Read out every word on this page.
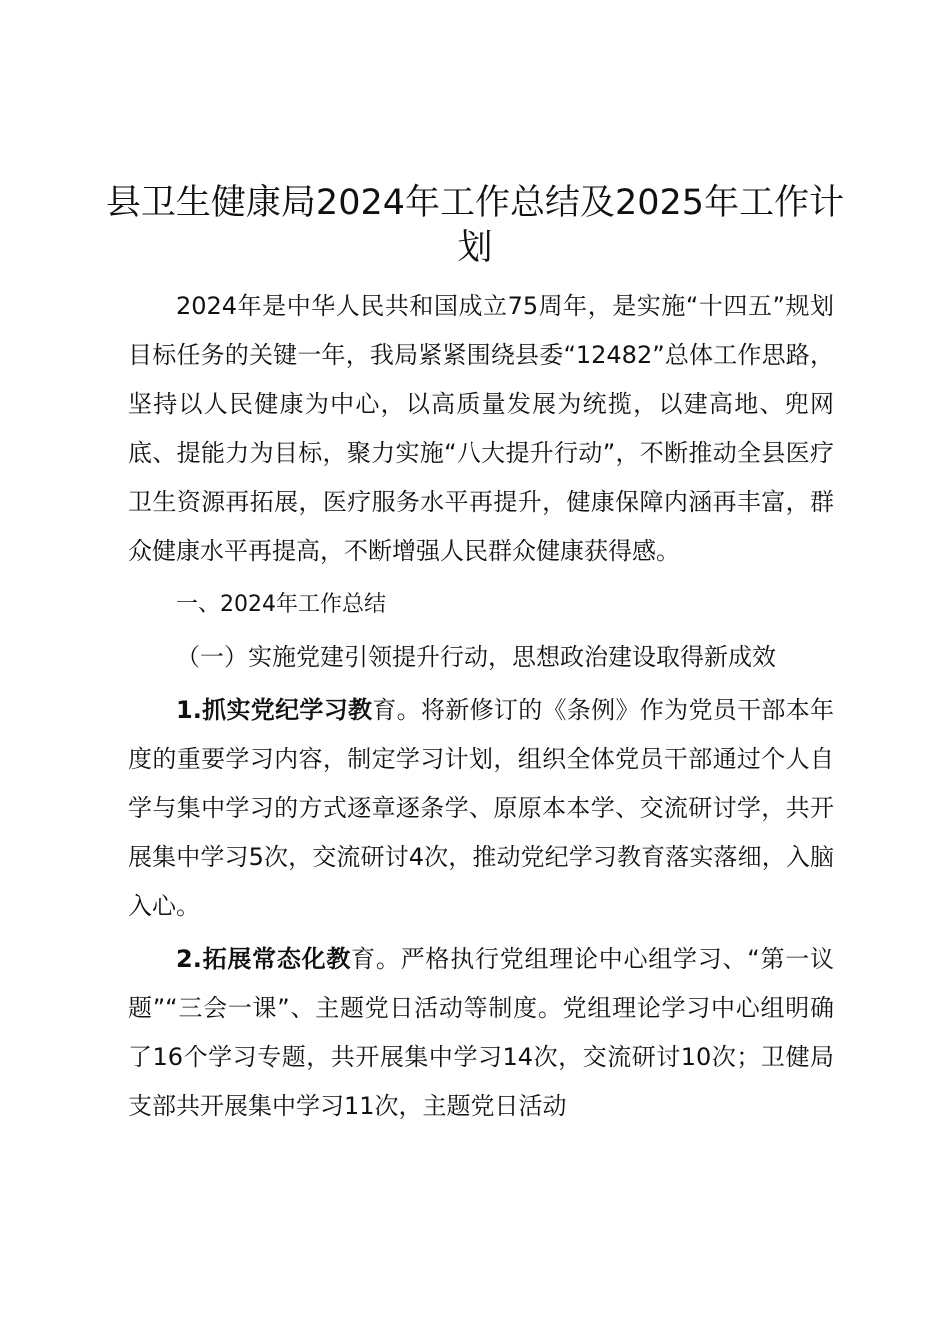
县卫生健康局2024年工作总结及2025年工作计划

2024年是中华人民共和国成立75周年，是实施“十四五”规划目标任务的关键一年，我局紧紧围绕县委“12482”总体工作思路，坚持以人民健康为中心，以高质量发展为统揽，以建高地、兜网底、提能力为目标，聚力实施“八大提升行动”，不断推动全县医疗卫生资源再拓展，医疗服务水平再提升，健康保障内涵再丰富，群众健康水平再提高，不断增强人民群众健康获得感。

一、2024年工作总结

（一）实施党建引领提升行动，思想政治建设取得新成效

1.抓实党纪学习教育。将新修订的《条例》作为党员干部本年度的重要学习内容，制定学习计划，组织全体党员干部通过个人自学与集中学习的方式逐章逐条学、原原本本学、交流研讨学，共开展集中学习5次，交流研讨4次，推动党纪学习教育落实落细，入脑入心。

2.拓展常态化教育。严格执行党组理论中心组学习、“第一议题”“三会一课”、主题党日活动等制度。党组理论学习中心组明确了16个学习专题，共开展集中学习14次，交流研讨10次；卫健局支部共开展集中学习11次，主题党日活动
